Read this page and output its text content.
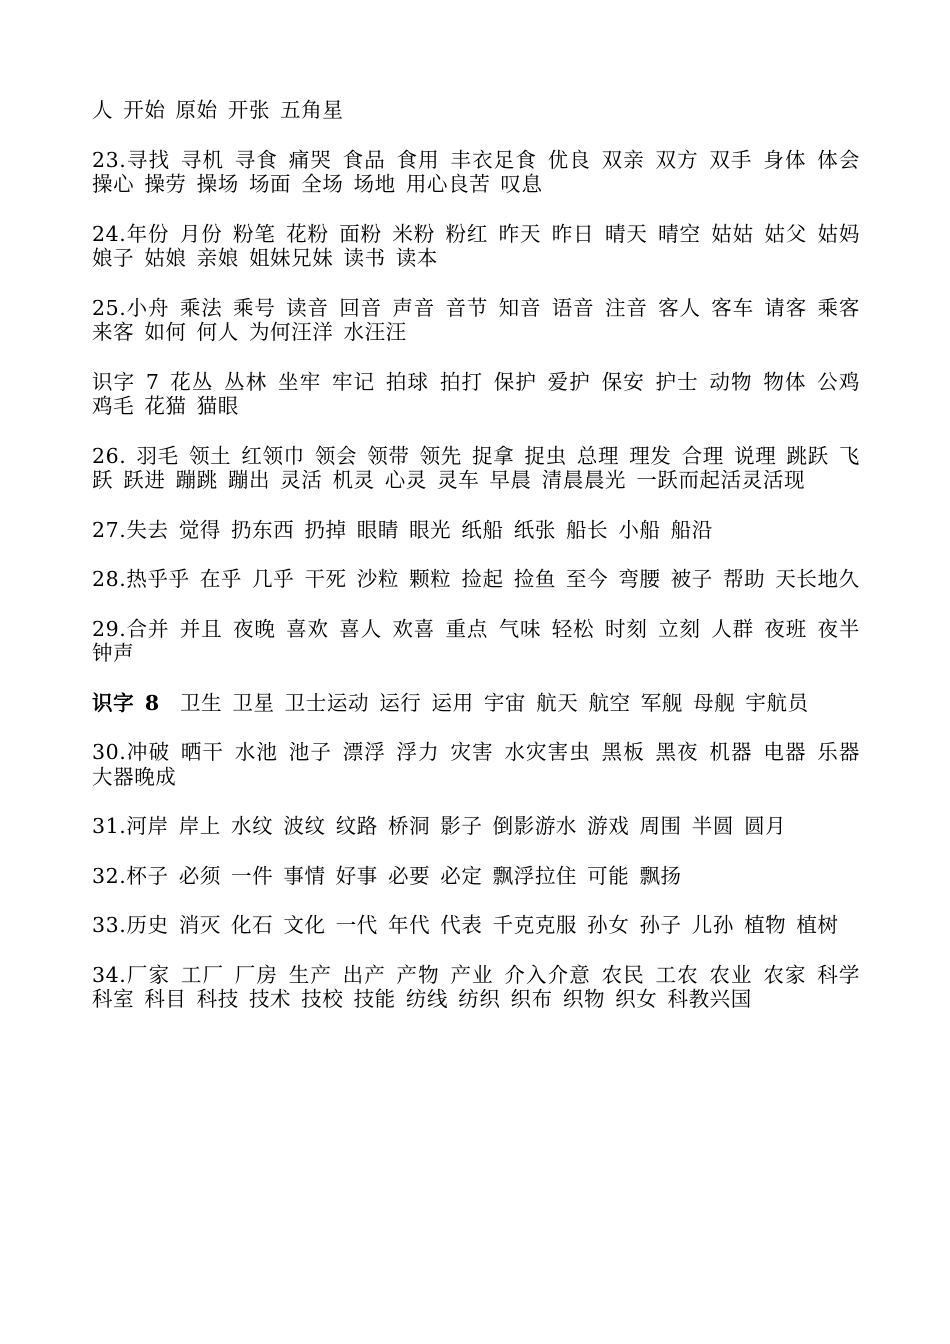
人 开始 原始 开张 五角星

23.寻找 寻机 寻食 痛哭 食品 食用 丰衣足食 优良 双亲 双方 双手 身体 体会 操心 操劳 操场 场面 全场 场地 用心良苦 叹息

24.年份 月份 粉笔 花粉 面粉 米粉 粉红 昨天 昨日 晴天 晴空 姑姑 姑父 姑妈 娘子 姑娘 亲娘 姐妹兄妹 读书 读本

25.小舟 乘法 乘号 读音 回音 声音 音节 知音 语音 注音 客人 客车 请客 乘客 来客 如何 何人 为何汪洋 水汪汪

识字 7 花丛 丛林 坐牢 牢记 拍球 拍打 保护 爱护 保安 护士 动物 物体 公鸡 鸡毛 花猫 猫眼

26. 羽毛 领土 红领巾 领会 领带 领先 捉拿 捉虫 总理 理发 合理 说理 跳跃 飞跃 跃进 蹦跳 蹦出 灵活 机灵 心灵 灵车 早晨 清晨晨光 一跃而起活灵活现

27.失去 觉得 扔东西 扔掉 眼睛 眼光 纸船 纸张 船长 小船 船沿

28.热乎乎 在乎 几乎 干死 沙粒 颗粒 捡起 捡鱼 至今 弯腰 被子 帮助 天长地久

29.合并 并且 夜晚 喜欢 喜人 欢喜 重点 气味 轻松 时刻 立刻 人群 夜班 夜半钟声

识字 8  卫生 卫星 卫士运动 运行 运用 宇宙 航天 航空 军舰 母舰 宇航员

30.冲破 晒干 水池 池子 漂浮 浮力 灾害 水灾害虫 黑板 黑夜 机器 电器 乐器 大器晚成

31.河岸 岸上 水纹 波纹 纹路 桥洞 影子 倒影游水 游戏 周围 半圆 圆月

32.杯子 必须 一件 事情 好事 必要 必定 飘浮拉住 可能 飘扬

33.历史 消灭 化石 文化 一代 年代 代表 千克克服 孙女 孙子 儿孙 植物 植树

34.厂家 工厂 厂房 生产 出产 产物 产业 介入介意 农民 工农 农业 农家 科学 科室 科目 科技 技术 技校 技能 纺线 纺织 织布 织物 织女 科教兴国
